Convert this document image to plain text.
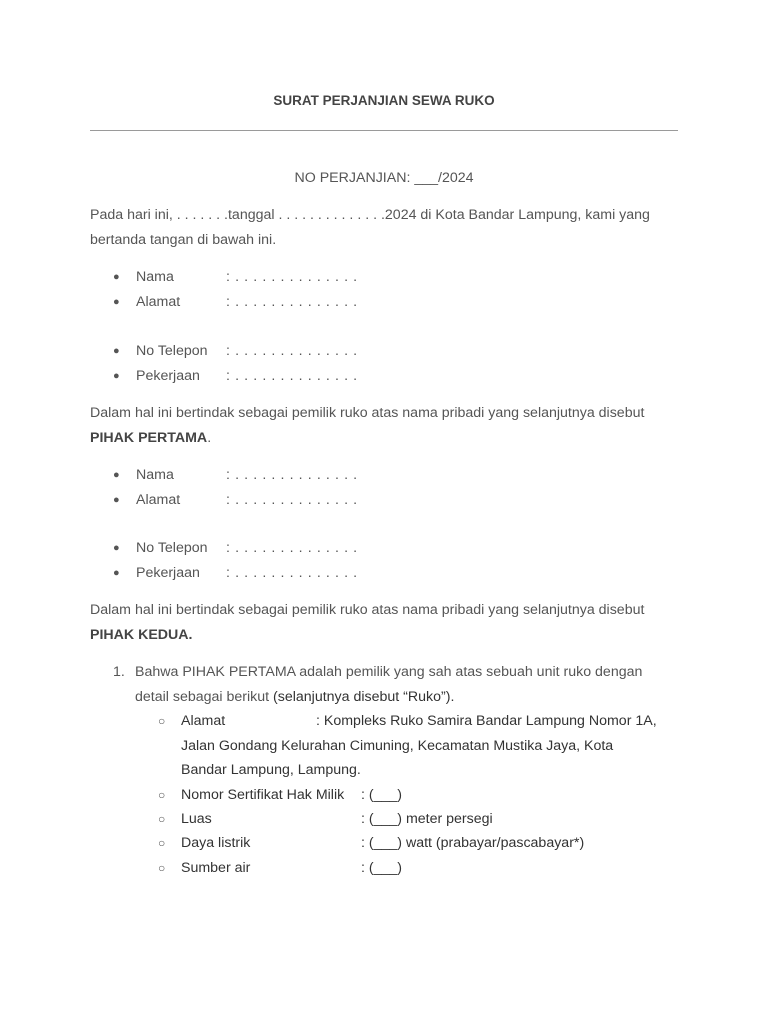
SURAT PERJANJIAN SEWA RUKO
NO PERJANJIAN: ___/2024
Pada hari ini, . . . . . . .tanggal . . . . . . . . . . . . . .2024 di Kota Bandar Lampung, kami yang bertanda tangan di bawah ini.
● Nama	: . . . . . . . . . . . . . .
● Alamat	: . . . . . . . . . . . . . .
● No Telepon : . . . . . . . . . . . . . .
● Pekerjaan : . . . . . . . . . . . . . .
Dalam hal ini bertindak sebagai pemilik ruko atas nama pribadi yang selanjutnya disebut PIHAK PERTAMA.
● Nama	: . . . . . . . . . . . . . .
● Alamat	: . . . . . . . . . . . . . .
● No Telepon : . . . . . . . . . . . . . .
● Pekerjaan : . . . . . . . . . . . . . .
Dalam hal ini bertindak sebagai pemilik ruko atas nama pribadi yang selanjutnya disebut PIHAK KEDUA.
1. Bahwa PIHAK PERTAMA adalah pemilik yang sah atas sebuah unit ruko dengan detail sebagai berikut (selanjutnya disebut “Ruko”).
○ Alamat	: Kompleks Ruko Samira Bandar Lampung Nomor 1A, Jalan Gondang Kelurahan Cimuning, Kecamatan Mustika Jaya, Kota Bandar Lampung, Lampung.
○ Nomor Sertifikat Hak Milik : (___)
○ Luas	: (___) meter persegi
○ Daya listrik	: (___) watt (prabayar/pascabayar*)
○ Sumber air	: (___)
